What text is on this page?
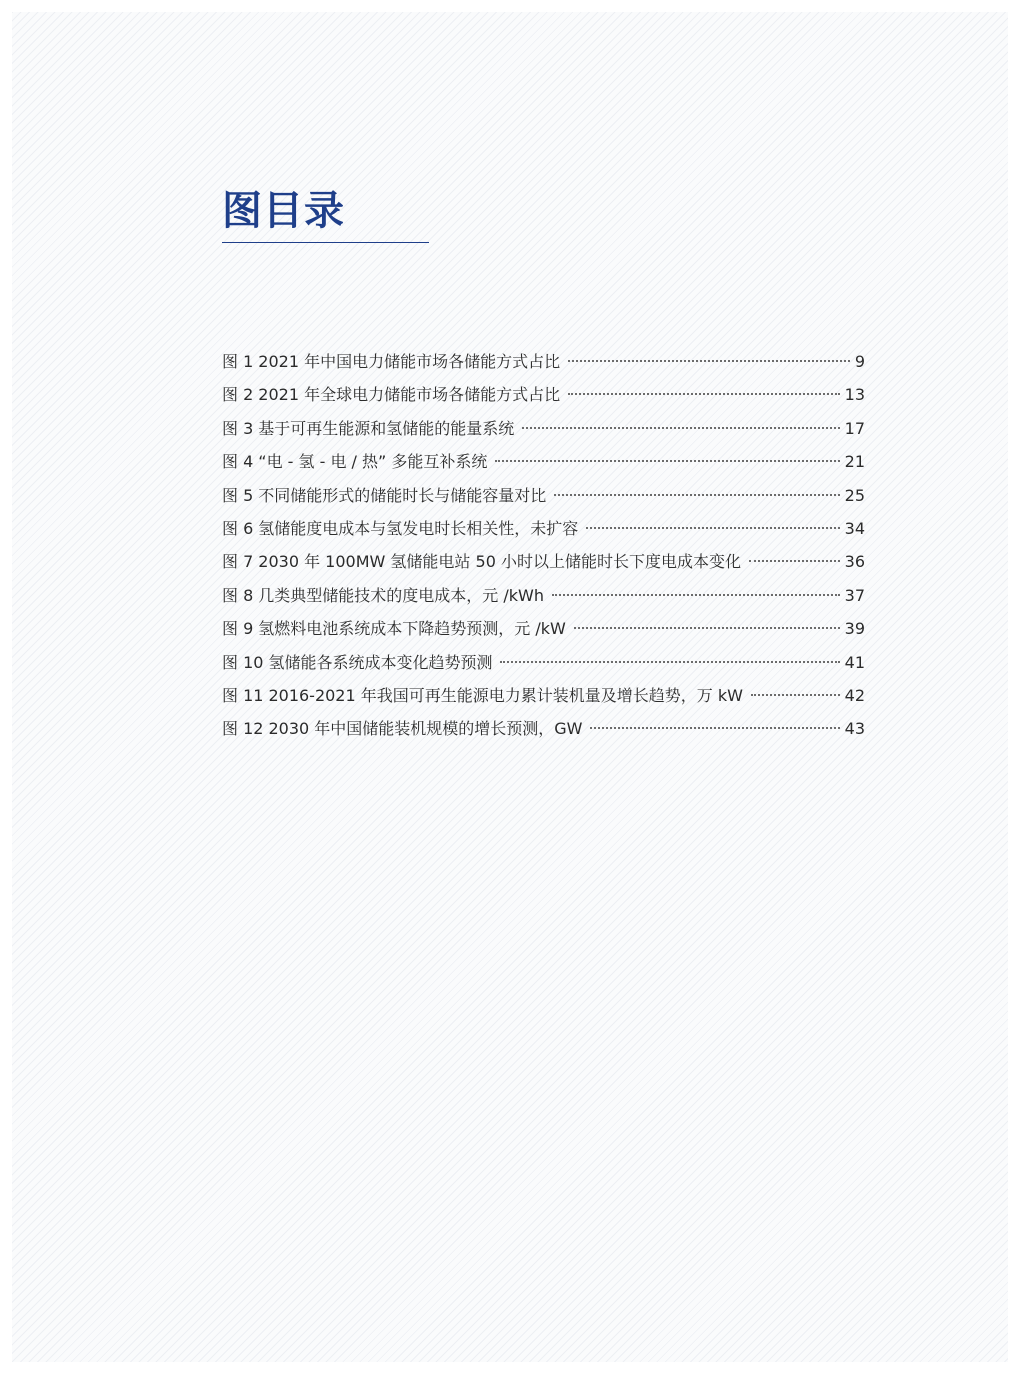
图目录
图 1 2021 年中国电力储能市场各储能方式占比	9
图 2 2021 年全球电力储能市场各储能方式占比	13
图 3 基于可再生能源和氢储能的能量系统	17
图 4 “电 - 氢 - 电 / 热” 多能互补系统	21
图 5 不同储能形式的储能时长与储能容量对比	25
图 6 氢储能度电成本与氢发电时长相关性，未扩容	34
图 7 2030 年 100MW 氢储能电站 50 小时以上储能时长下度电成本变化	36
图 8 几类典型储能技术的度电成本，元 /kWh	37
图 9 氢燃料电池系统成本下降趋势预测，元 /kW	39
图 10 氢储能各系统成本变化趋势预测	41
图 11 2016-2021 年我国可再生能源电力累计装机量及增长趋势，万 kW	42
图 12 2030 年中国储能装机规模的增长预测，GW	43
